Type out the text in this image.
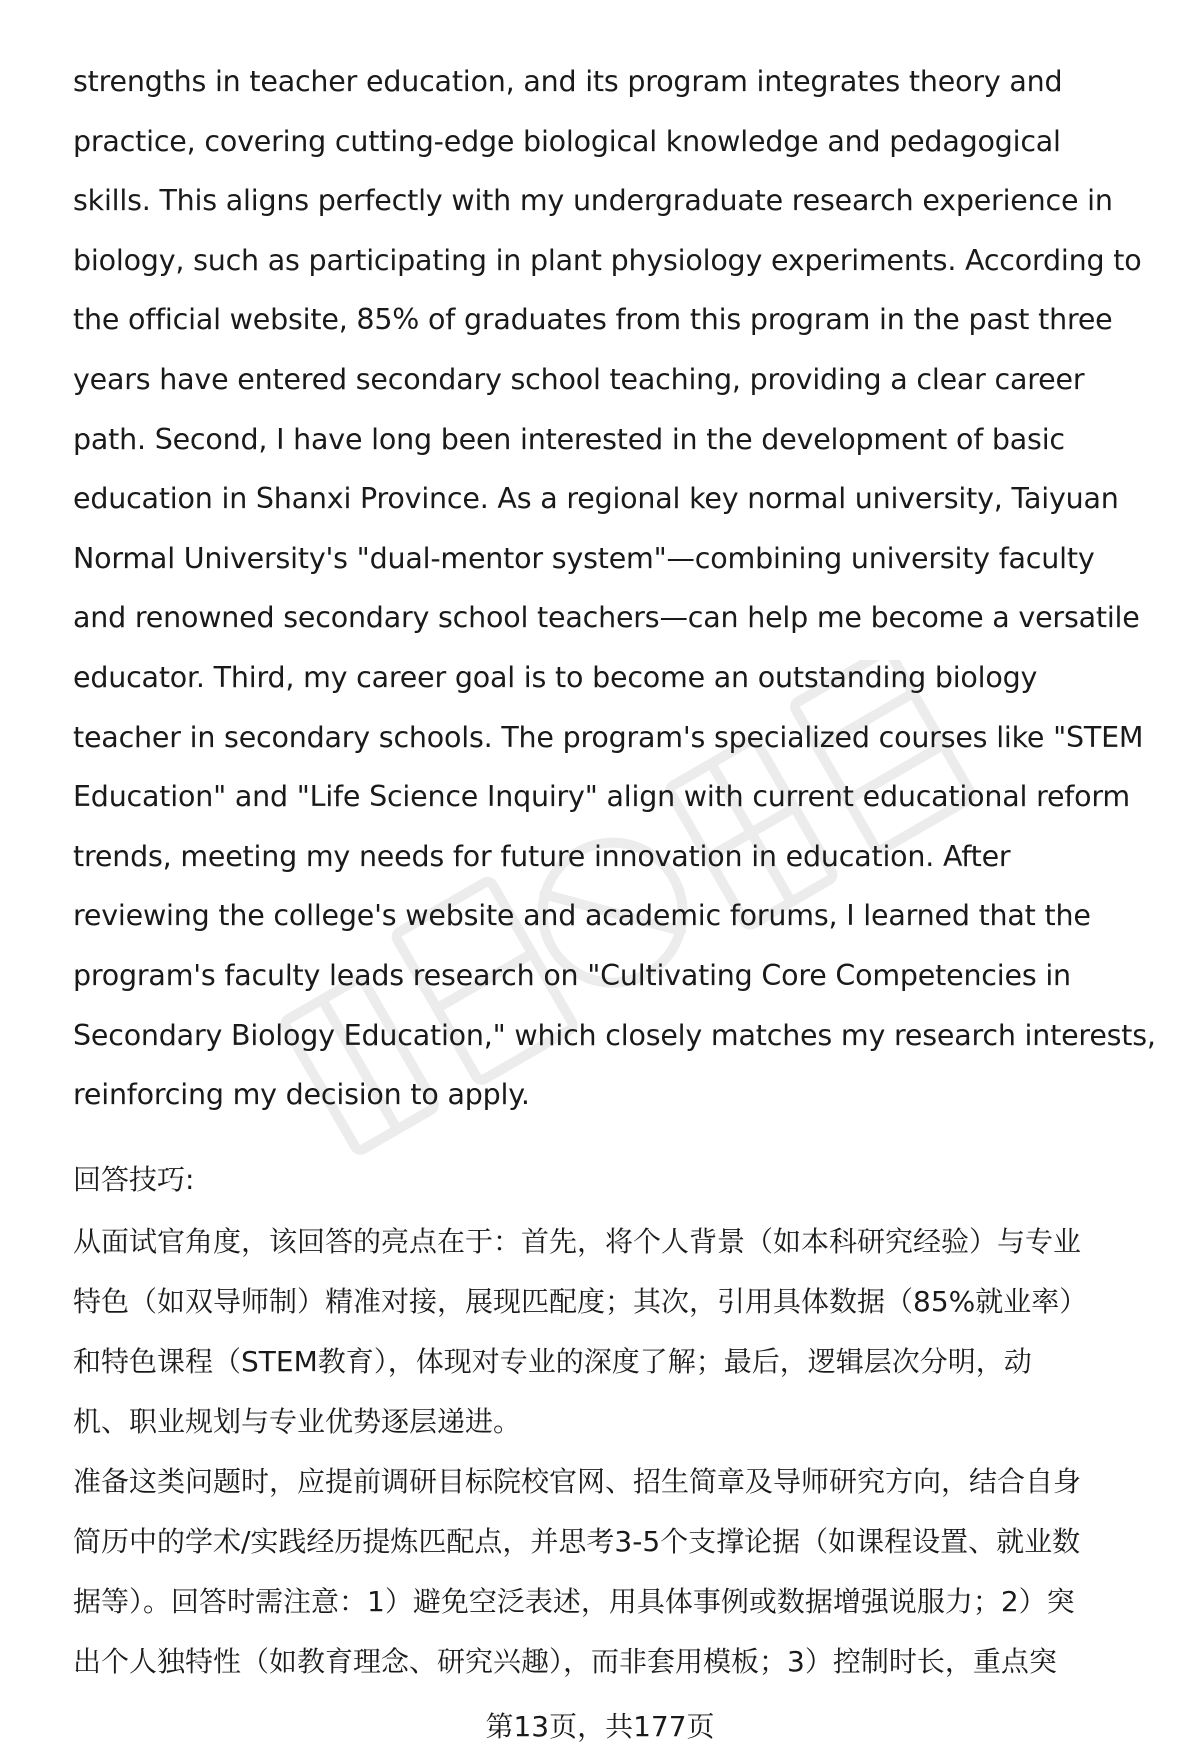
strengths in teacher education, and its program integrates theory and
practice, covering cutting-edge biological knowledge and pedagogical
skills. This aligns perfectly with my undergraduate research experience in
biology, such as participating in plant physiology experiments. According to
the official website, 85% of graduates from this program in the past three
years have entered secondary school teaching, providing a clear career
path. Second, I have long been interested in the development of basic
education in Shanxi Province. As a regional key normal university, Taiyuan
Normal University's "dual-mentor system"—combining university faculty
and renowned secondary school teachers—can help me become a versatile
educator. Third, my career goal is to become an outstanding biology
teacher in secondary schools. The program's specialized courses like "STEM
Education" and "Life Science Inquiry" align with current educational reform
trends, meeting my needs for future innovation in education. After
reviewing the college's website and academic forums, I learned that the
program's faculty leads research on "Cultivating Core Competencies in
Secondary Biology Education," which closely matches my research interests,
reinforcing my decision to apply.

回答技巧:

从面试官角度，该回答的亮点在于：首先，将个人背景（如本科研究经验）与专业
特色（如双导师制）精准对接，展现匹配度；其次，引用具体数据（85%就业率）
和特色课程（STEM教育），体现对专业的深度了解；最后，逻辑层次分明，动
机、职业规划与专业优势逐层递进。

准备这类问题时，应提前调研目标院校官网、招生简章及导师研究方向，结合自身
简历中的学术/实践经历提炼匹配点，并思考3-5个支撑论据（如课程设置、就业数
据等）。回答时需注意：1）避免空泛表述，用具体事例或数据增强说服力；2）突
出个人独特性（如教育理念、研究兴趣），而非套用模板；3）控制时长，重点突

第13页，共177页
